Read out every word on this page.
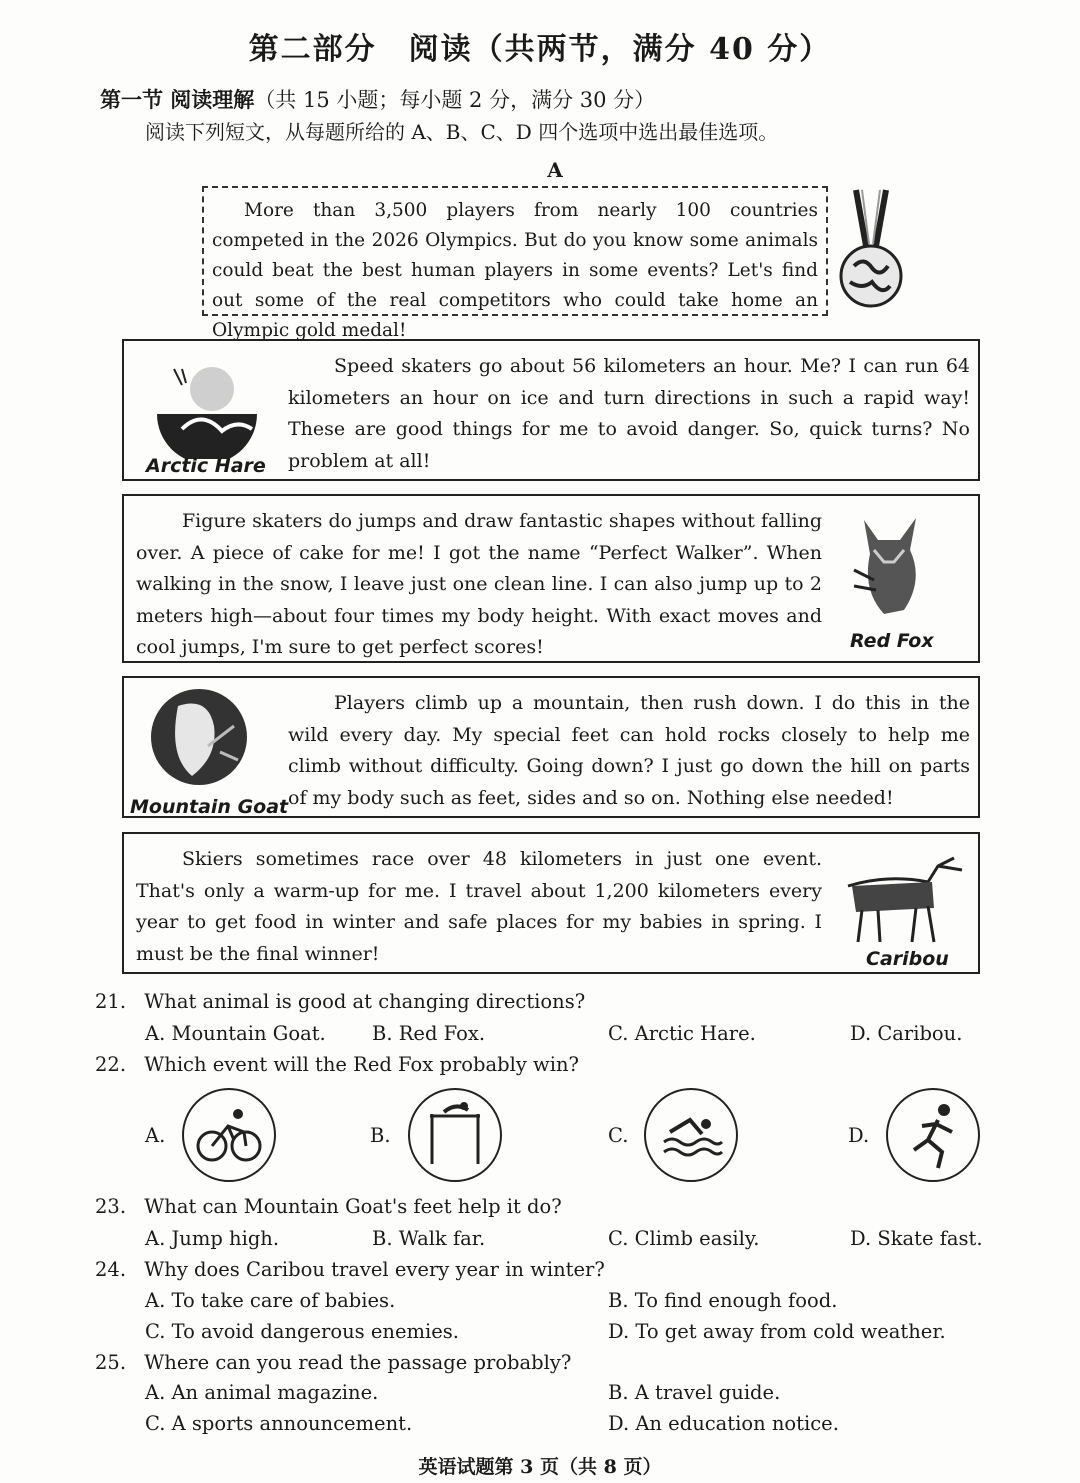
第二部分　阅读（共两节，满分 40 分）
第一节 阅读理解（共 15 小题；每小题 2 分，满分 30 分）
阅读下列短文，从每题所给的 A、B、C、D 四个选项中选出最佳选项。
A

More than 3,500 players from nearly 100 countries competed in the 2026 Olympics. But do you know some animals could beat the best human players in some events? Let's find out some of the real competitors who could take home an Olympic gold medal!

Arctic Hare

Speed skaters go about 56 kilometers an hour. Me? I can run 64 kilometers an hour on ice and turn directions in such a rapid way! These are good things for me to avoid danger. So, quick turns? No problem at all!

Figure skaters do jumps and draw fantastic shapes without falling over. A piece of cake for me! I got the name “Perfect Walker”. When walking in the snow, I leave just one clean line. I can also jump up to 2 meters high—about four times my body height. With exact moves and cool jumps, I'm sure to get perfect scores!	Red Fox
Mountain Goat

Players climb up a mountain, then rush down. I do this in the wild every day. My special feet can hold rocks closely to help me climb without difficulty. Going down? I just go down the hill on parts of my body such as feet, sides and so on. Nothing else needed!

Skiers sometimes race over 48 kilometers in just one event. That's only a warm-up for me. I travel about 1,200 kilometers every year to get food in winter and safe places for my babies in spring. I must be the final winner!	Caribou
21. What animal is good at changing directions?
A. Mountain Goat. B. Red Fox.	C. Arctic Hare.	D. Caribou.
22. Which event will the Red Fox probably win?
A.	B.	C.	D.
23. What can Mountain Goat's feet help it do?
A. Jump high.	B. Walk far.	C. Climb easily.	D. Skate fast.
24. Why does Caribou travel every year in winter?
A. To take care of babies.	B. To find enough food.
C. To avoid dangerous enemies.	D. To get away from cold weather.
25. Where can you read the passage probably?
A. An animal magazine.	B. A travel guide.
C. A sports announcement.	D. An education notice.
英语试题第 3 页（共 8 页）
